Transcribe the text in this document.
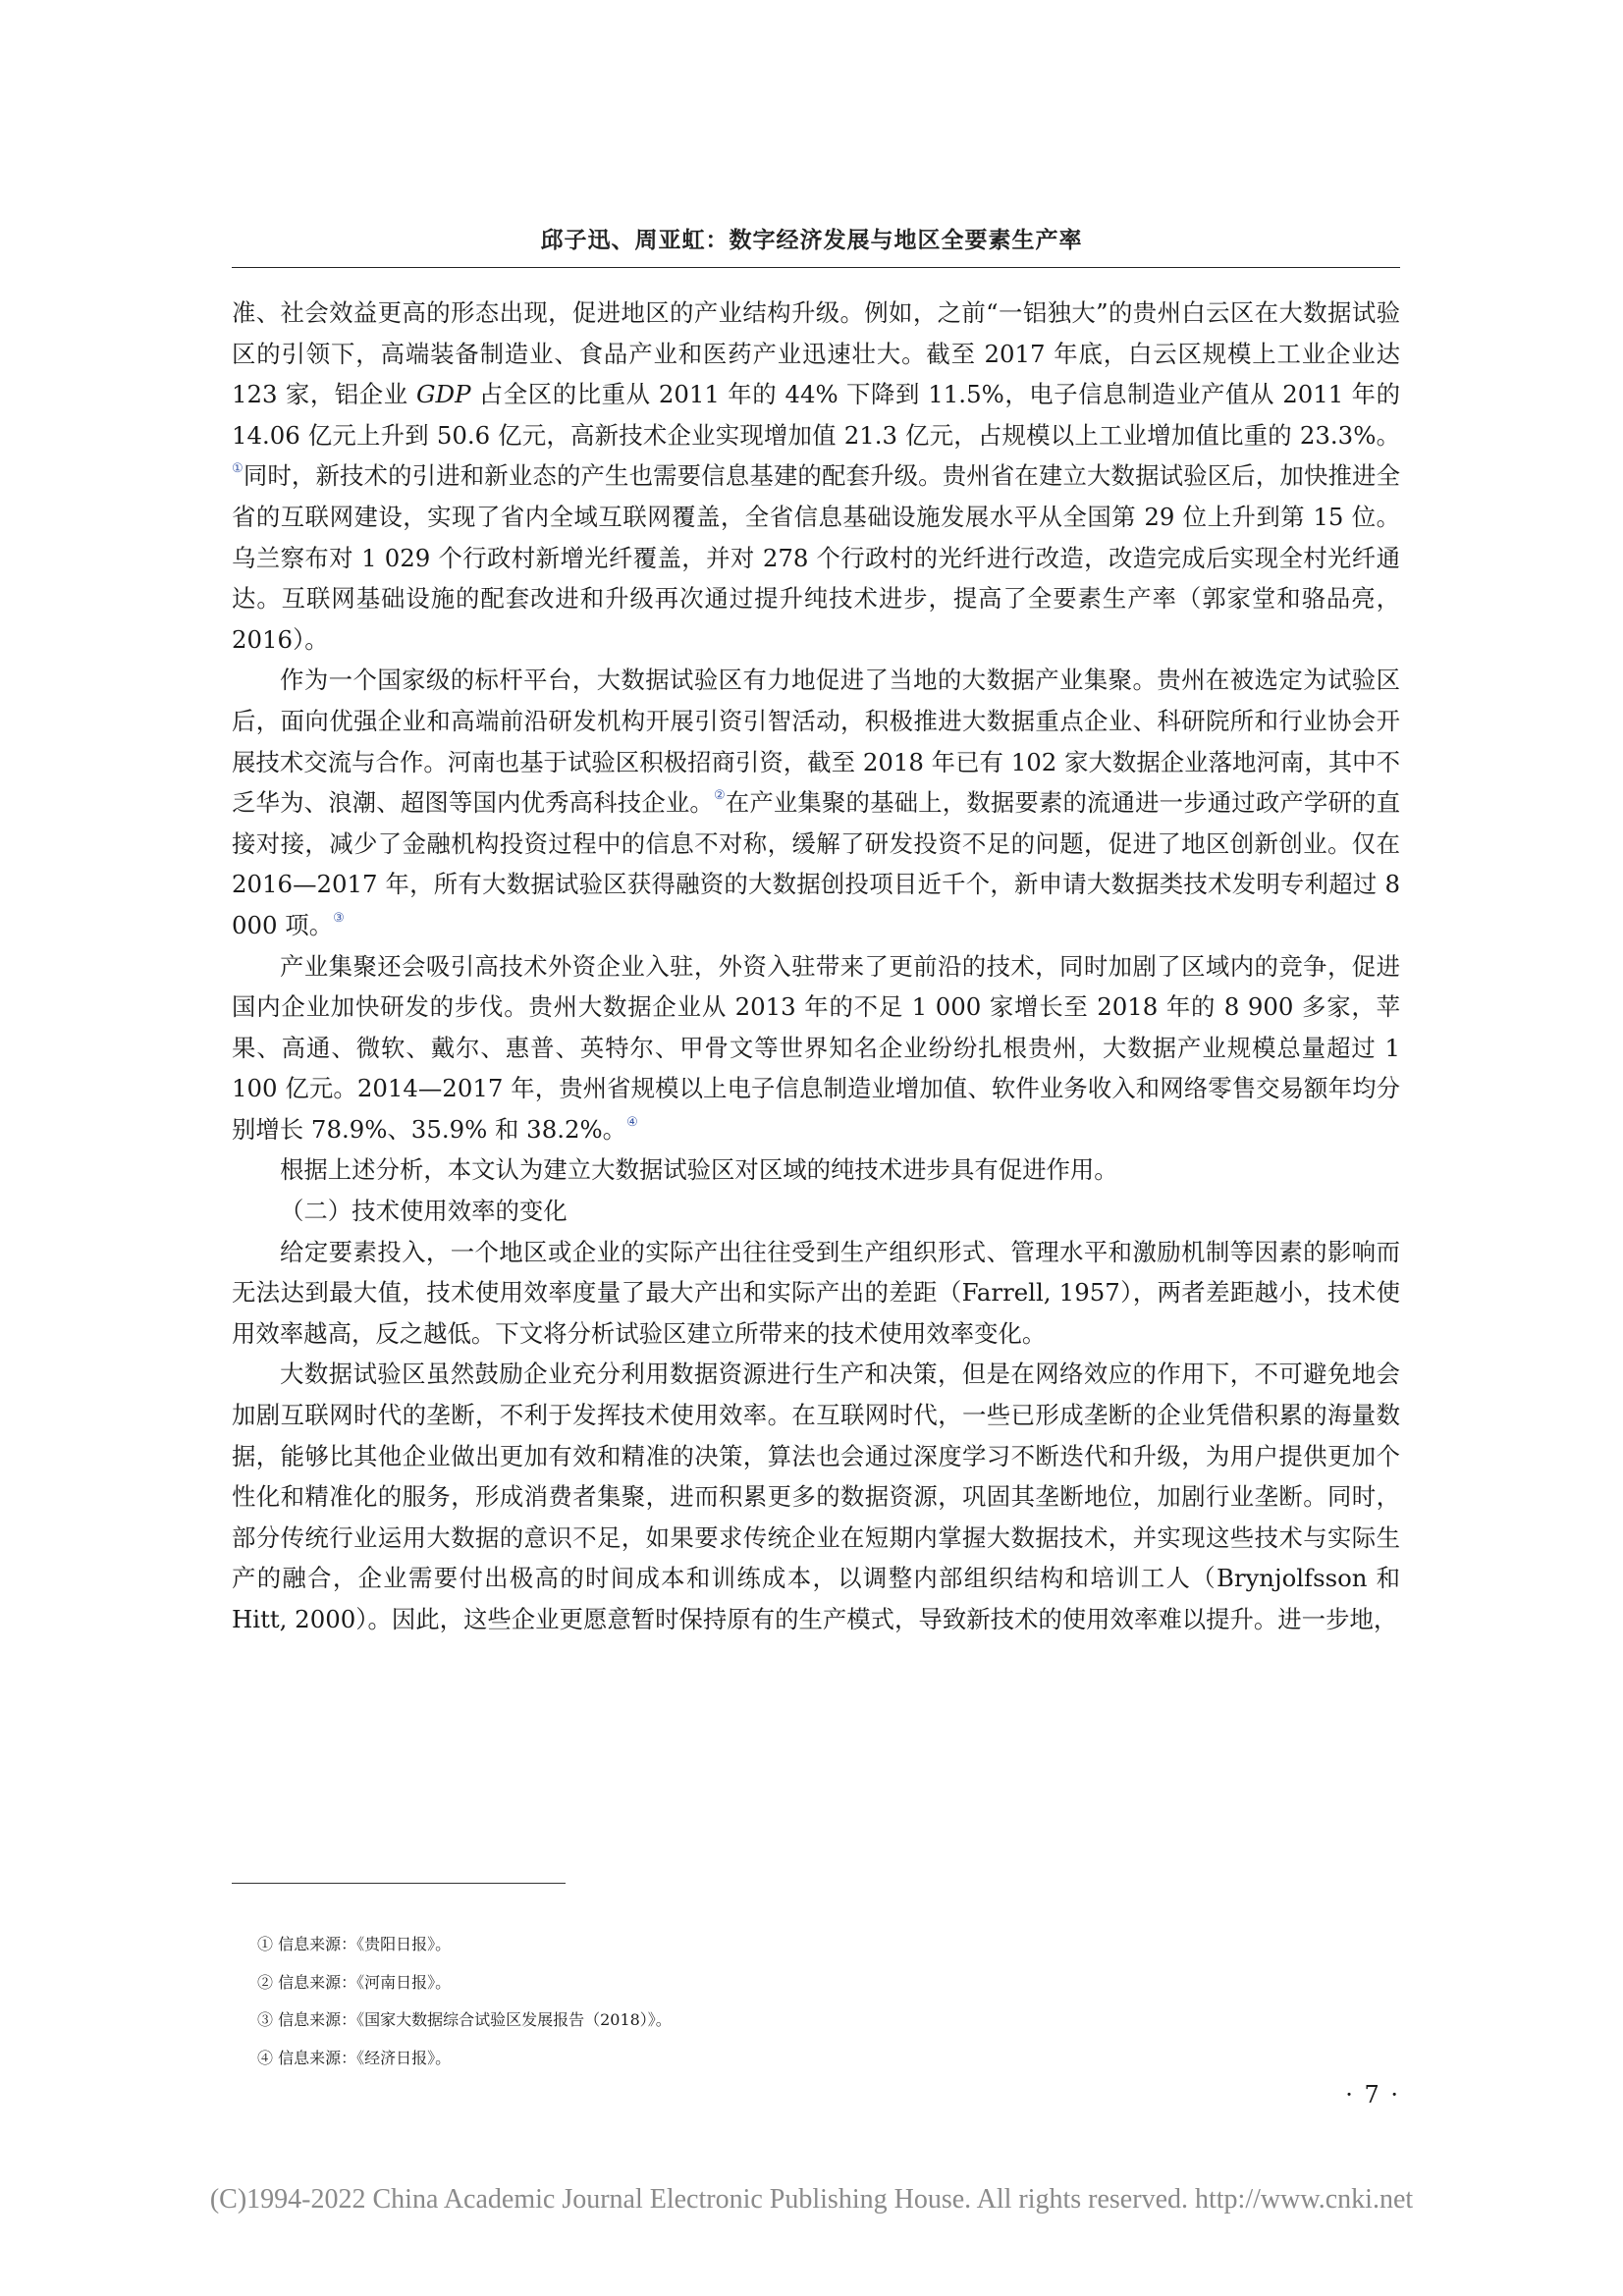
邱子迅、周亚虹：数字经济发展与地区全要素生产率

准、社会效益更高的形态出现，促进地区的产业结构升级。例如，之前“一铝独大”的贵州白云区在大数据试验区的引领下，高端装备制造业、食品产业和医药产业迅速壮大。截至 2017 年底，白云区规模上工业企业达 123 家，铝企业 GDP 占全区的比重从 2011 年的 44% 下降到 11.5%，电子信息制造业产值从 2011 年的 14.06 亿元上升到 50.6 亿元，高新技术企业实现增加值 21.3 亿元，占规模以上工业增加值比重的 23.3%。①同时，新技术的引进和新业态的产生也需要信息基建的配套升级。贵州省在建立大数据试验区后，加快推进全省的互联网建设，实现了省内全域互联网覆盖，全省信息基础设施发展水平从全国第 29 位上升到第 15 位。乌兰察布对 1 029 个行政村新增光纤覆盖，并对 278 个行政村的光纤进行改造，改造完成后实现全村光纤通达。互联网基础设施的配套改进和升级再次通过提升纯技术进步，提高了全要素生产率（郭家堂和骆品亮，2016）。

作为一个国家级的标杆平台，大数据试验区有力地促进了当地的大数据产业集聚。贵州在被选定为试验区后，面向优强企业和高端前沿研发机构开展引资引智活动，积极推进大数据重点企业、科研院所和行业协会开展技术交流与合作。河南也基于试验区积极招商引资，截至 2018 年已有 102 家大数据企业落地河南，其中不乏华为、浪潮、超图等国内优秀高科技企业。②在产业集聚的基础上，数据要素的流通进一步通过政产学研的直接对接，减少了金融机构投资过程中的信息不对称，缓解了研发投资不足的问题，促进了地区创新创业。仅在 2016—2017 年，所有大数据试验区获得融资的大数据创投项目近千个，新申请大数据类技术发明专利超过 8 000 项。③

产业集聚还会吸引高技术外资企业入驻，外资入驻带来了更前沿的技术，同时加剧了区域内的竞争，促进国内企业加快研发的步伐。贵州大数据企业从 2013 年的不足 1 000 家增长至 2018 年的 8 900 多家，苹果、高通、微软、戴尔、惠普、英特尔、甲骨文等世界知名企业纷纷扎根贵州，大数据产业规模总量超过 1 100 亿元。2014—2017 年，贵州省规模以上电子信息制造业增加值、软件业务收入和网络零售交易额年均分别增长 78.9%、35.9% 和 38.2%。④

根据上述分析，本文认为建立大数据试验区对区域的纯技术进步具有促进作用。

（二）技术使用效率的变化

给定要素投入，一个地区或企业的实际产出往往受到生产组织形式、管理水平和激励机制等因素的影响而无法达到最大值，技术使用效率度量了最大产出和实际产出的差距（Farrell, 1957），两者差距越小，技术使用效率越高，反之越低。下文将分析试验区建立所带来的技术使用效率变化。

大数据试验区虽然鼓励企业充分利用数据资源进行生产和决策，但是在网络效应的作用下，不可避免地会加剧互联网时代的垄断，不利于发挥技术使用效率。在互联网时代，一些已形成垄断的企业凭借积累的海量数据，能够比其他企业做出更加有效和精准的决策，算法也会通过深度学习不断迭代和升级，为用户提供更加个性化和精准化的服务，形成消费者集聚，进而积累更多的数据资源，巩固其垄断地位，加剧行业垄断。同时，部分传统行业运用大数据的意识不足，如果要求传统企业在短期内掌握大数据技术，并实现这些技术与实际生产的融合，企业需要付出极高的时间成本和训练成本，以调整内部组织结构和培训工人（Brynjolfsson 和 Hitt, 2000）。因此，这些企业更愿意暂时保持原有的生产模式，导致新技术的使用效率难以提升。进一步地，

① 信息来源：《贵阳日报》。
② 信息来源：《河南日报》。
③ 信息来源：《国家大数据综合试验区发展报告（2018）》。
④ 信息来源：《经济日报》。
· 7 ·
(C)1994-2022 China Academic Journal Electronic Publishing House. All rights reserved. http://www.cnki.net
